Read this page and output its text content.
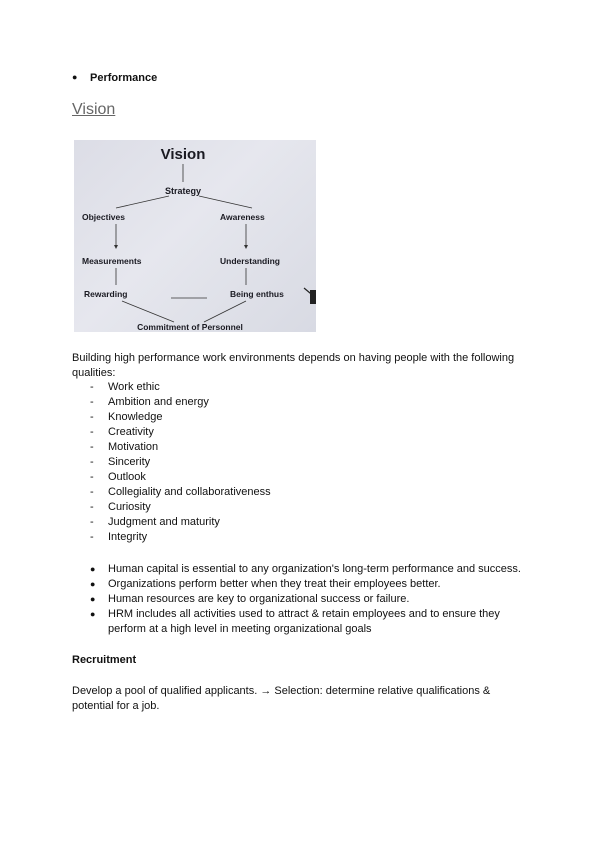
● Performance
Vision
Vision
Strategy
Objectives	Awareness
Measurements	Understanding
Rewarding	Being enthus
Commitment of Personnel
Building high performance work environments depends on having people with the following qualities:
- Work ethic
- Ambition and energy
- Knowledge
- Creativity
- Motivation
- Sincerity
- Outlook
- Collegiality and collaborativeness
- Curiosity
- Judgment and maturity
- Integrity
● Human capital is essential to any organization's long-term performance and success.
● Organizations perform better when they treat their employees better.
● Human resources are key to organizational success or failure.
● HRM includes all activities used to attract & retain employees and to ensure they perform at a high level in meeting organizational goals
Recruitment
Develop a pool of qualified applicants. → Selection: determine relative qualifications & potential for a job.
